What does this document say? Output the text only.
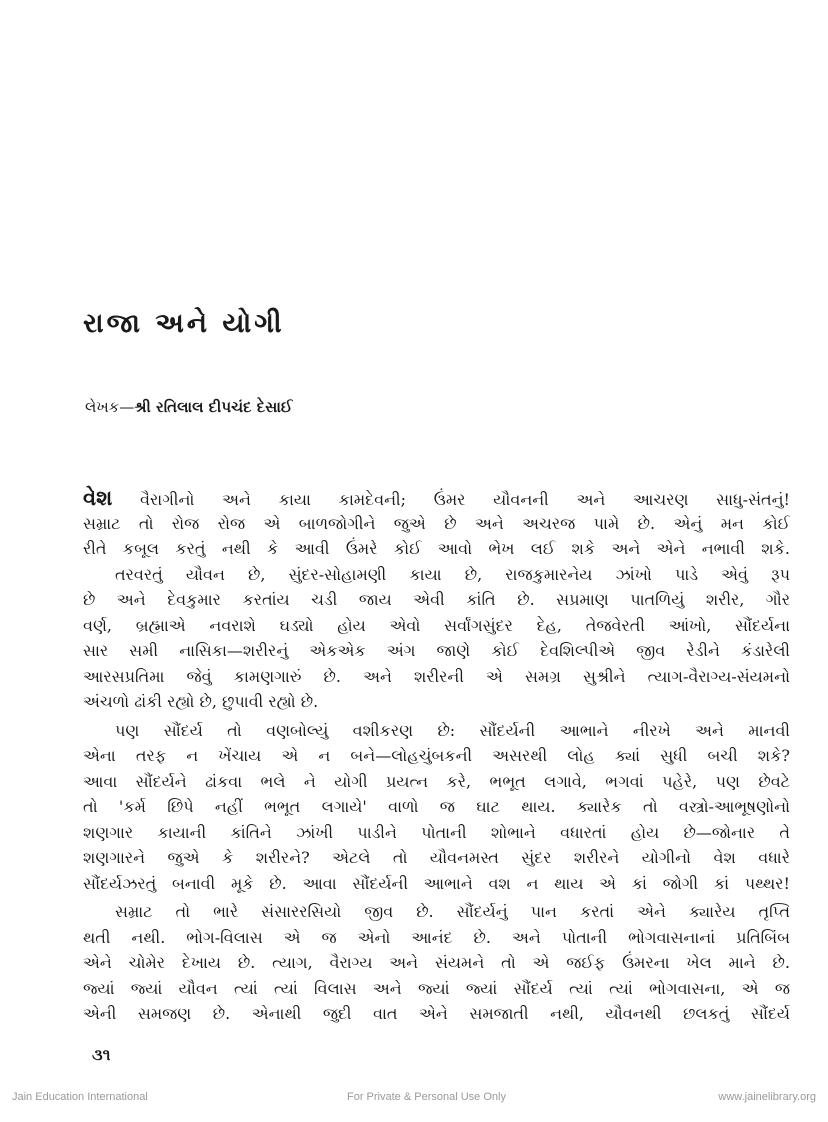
રાજા અને યોગી
લેખક—શ્રી રતિલાલ દીપચંદ દેસાઈ
વેશ વૈરાગીનો અને કાયા કામદેવની; ઉંમર યૌવનની અને આચરણ સાધુ-સંતનું!
સમ્રાટ તો રોજ રોજ એ બાળજોગીને જુએ છે અને અચરજ પામે છે. એનું મન કોઈ
રીતે કબૂલ કરતું નથી કે આવી ઉંમરે કોઈ આવો ભેખ લઈ શકે અને એને નભાવી શકે.
તરવરતું યૌવન છે, સુંદર-સોહામણી કાયા છે, રાજકુમારનેય ઝાંખો પાડે એવું રૂપ
છે અને દેવકુમાર કરતાંય ચડી જાય એવી કાંતિ છે. સપ્રમાણ પાતળિયું શરીર, ગૌર
વર્ણ, બ્રહ્માએ નવરાશે ઘડ્યો હોય એવો સર્વાંગસુંદર દેહ, તેજવેરતી આંખો, સૌંદર્યના
સાર સમી નાસિકા—શરીરનું એકએક અંગ જાણે કોઈ દેવશિલ્પીએ જીવ રેડીને કંડારેલી
આરસપ્રતિમા જેવું કામણગારું છે. અને શરીરની એ સમગ્ર સુશ્રીને ત્યાગ-વૈરાગ્ય-સંયમનો
અંચળો ઢાંકી રહ્યો છે, છુપાવી રહ્યો છે.
પણ સૌંદર્ય તો વણબોલ્યું વશીકરણ છે: સૌંદર્યની આભાને નીરખે અને માનવી
એના તરફ ન ખેંચાય એ ન બને—લોહચુંબકની અસરથી લોહ ક્યાં સુધી બચી શકે?
આવા સૌંદર્યને ઢાંકવા ભલે ને યોગી પ્રયત્ન કરે, ભભૂત લગાવે, ભગવાં પહેરે, પણ છેવટે
તો 'કર્મ છિપે નહીં ભભૂત લગાયે' વાળો જ ઘાટ થાય. ક્યારેક તો વસ્ત્રો-આભૂષણોનો
શણગાર કાયાની કાંતિને ઝાંખી પાડીને પોતાની શોભાને વધારતાં હોય છે—જોનાર તે
શણગારને જુએ કે શરીરને? એટલે તો યૌવનમસ્ત સુંદર શરીરને યોગીનો વેશ વધારે
સૌંદર્યઝરતું બનાવી મૂકે છે. આવા સૌંદર્યની આભાને વશ ન થાય એ કાં જોગી કાં પથ્થર!
સમ્રાટ તો ભારે સંસારરસિયો જીવ છે. સૌંદર્યનું પાન કરતાં એને ક્યારેય તૃપ્તિ
થતી નથી. ભોગ-વિલાસ એ જ એનો આનંદ છે. અને પોતાની ભોગવાસનાનાં પ્રતિબિંબ
એને ચોમેર દેખાય છે. ત્યાગ, વૈરાગ્ય અને સંયમને તો એ જઈફ ઉંમરના ખેલ માને છે.
જ્યાં જ્યાં યૌવન ત્યાં ત્યાં વિલાસ અને જ્યાં જ્યાં સૌંદર્ય ત્યાં ત્યાં ભોગવાસના, એ જ
એની સમજણ છે. એનાથી જુદી વાત એને સમજાતી નથી, યૌવનથી છલકતું સૌંદર્ય
૩૧
Jain Education International	For Private & Personal Use Only	www.jainelibrary.org
